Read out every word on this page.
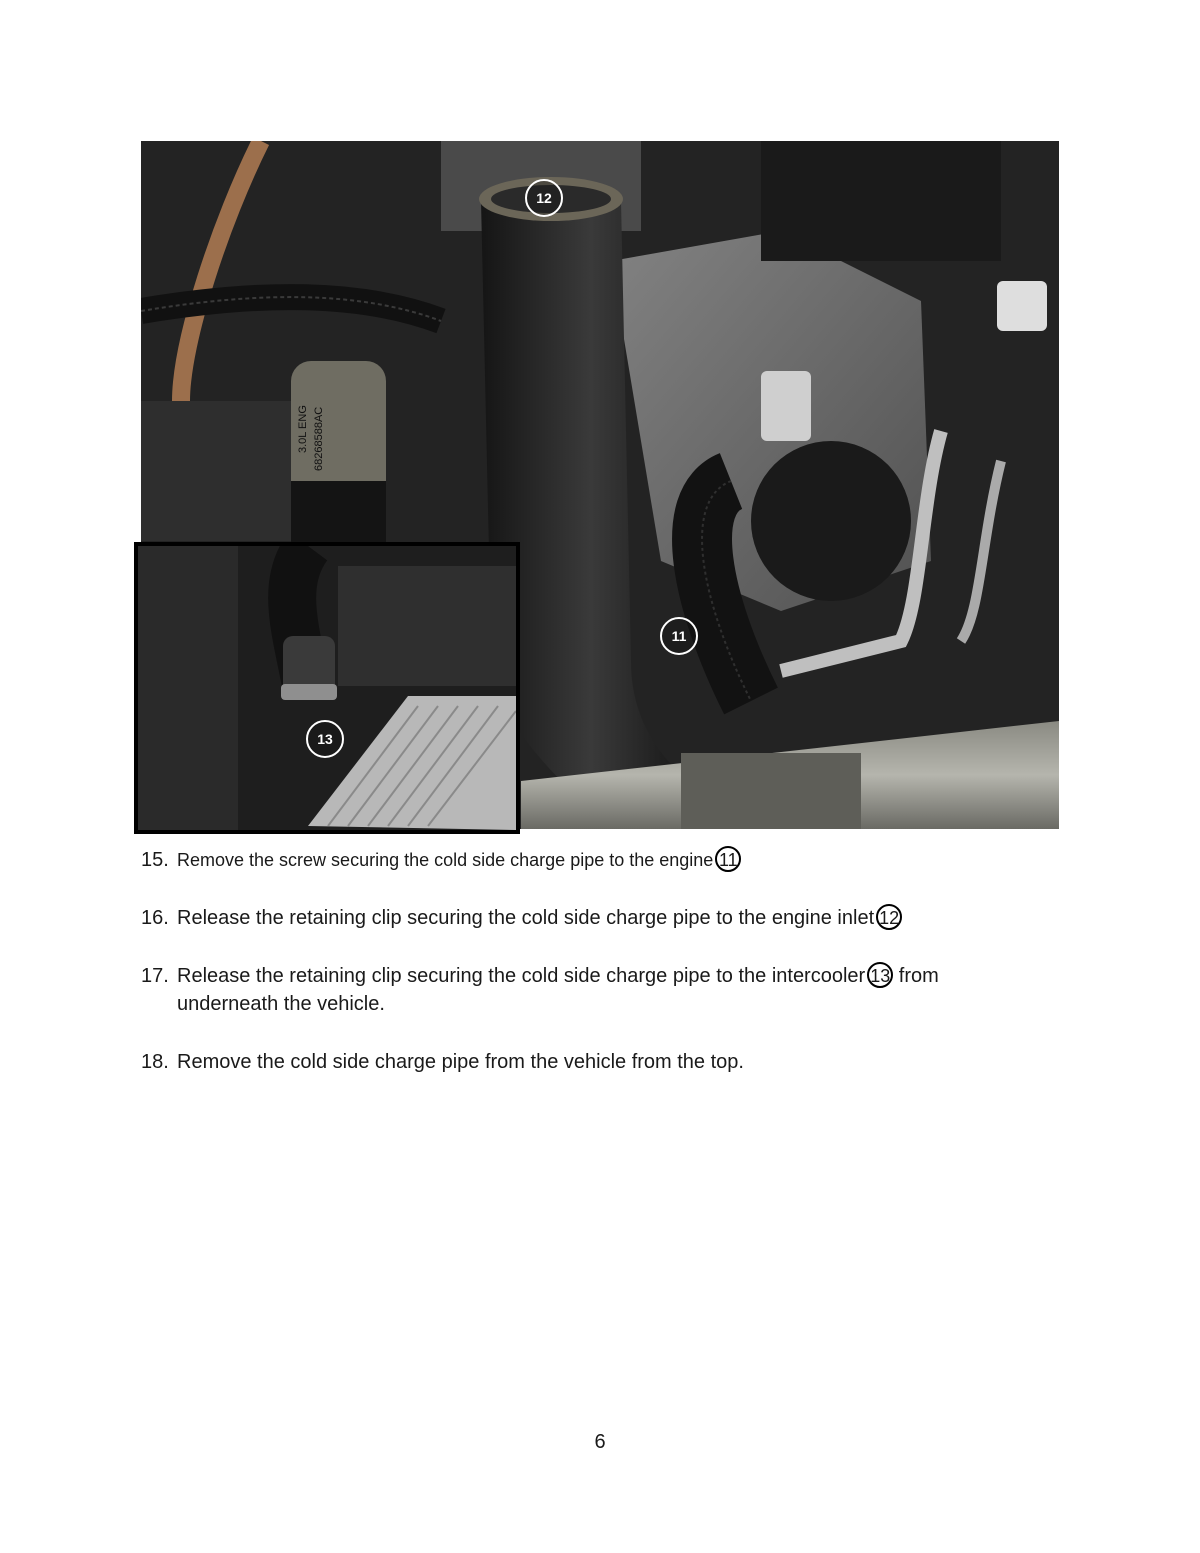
3.0L ENG 68268588AC
12
11
13
15. Remove the screw securing the cold side charge pipe to the engine 11
16. Release the retaining clip securing the cold side charge pipe to the engine inlet 12
17. Release the retaining clip securing the cold side charge pipe to the intercooler 13 from underneath the vehicle.
18. Remove the cold side charge pipe from the vehicle from the top.
6
